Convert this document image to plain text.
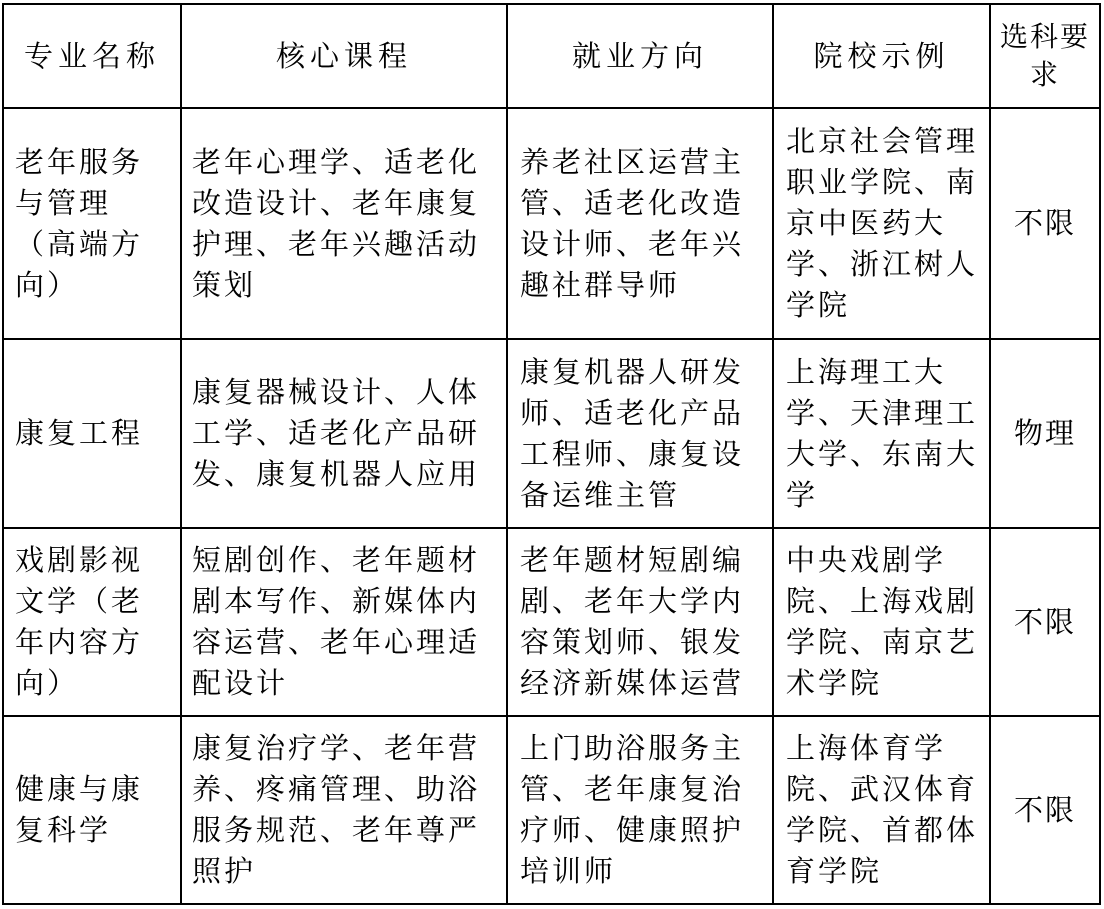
专业名称	核心课程	就业方向	院校示例	选科要求

老年服务与管理（高端方向）	老年心理学、适老化改造设计、老年康复护理、老年兴趣活动策划	养老社区运营主管、适老化改造设计师、老年兴趣社群导师	北京社会管理职业学院、南京中医药大学、浙江树人学院	不限

康复工程	康复器械设计、人体工学、适老化产品研发、康复机器人应用	康复机器人研发师、适老化产品工程师、康复设备运维主管	上海理工大学、天津理工大学、东南大学	物理

戏剧影视文学（老年内容方向）	短剧创作、老年题材剧本写作、新媒体内容运营、老年心理适配设计	老年题材短剧编剧、老年大学内容策划师、银发经济新媒体运营	中央戏剧学院、上海戏剧学院、南京艺术学院	不限

健康与康复科学	康复治疗学、老年营养、疼痛管理、助浴服务规范、老年尊严照护	上门助浴服务主管、老年康复治疗师、健康照护培训师	上海体育学院、武汉体育学院、首都体育学院	不限
